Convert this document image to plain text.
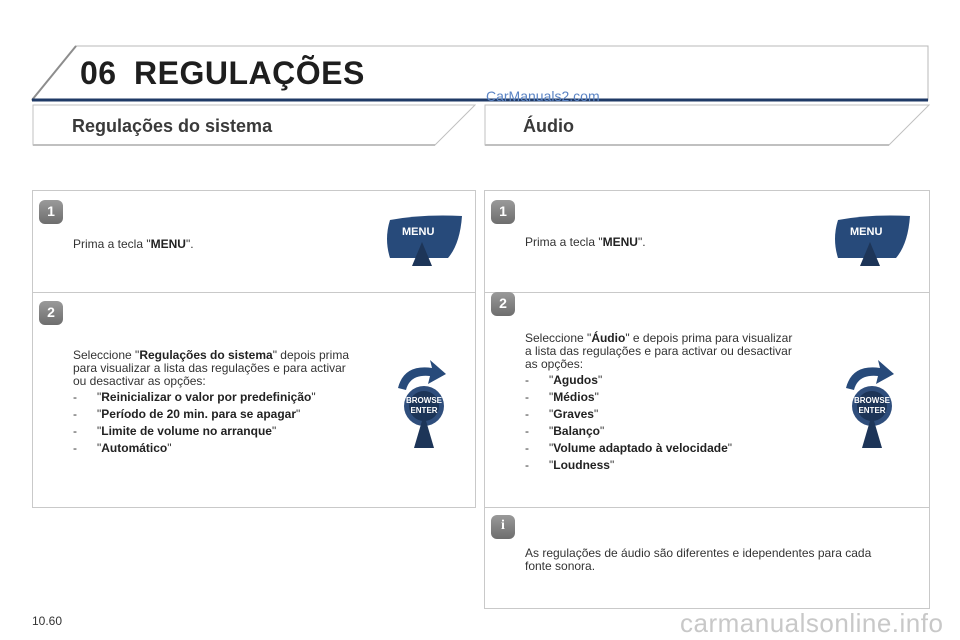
06 REGULAÇÕES
CarManuals2.com
Regulações do sistema	Áudio
1
Prima a tecla "MENU".
MENU
2
Seleccione "Regulações do sistema" depois prima
para visualizar a lista das regulações e para activar
ou desactivar as opções:
- "Reinicializar o valor por predefinição"
- "Período de 20 min. para se apagar"
- "Limite de volume no arranque"
- "Automático"
BROWSE
ENTER
1
Prima a tecla "MENU".
MENU
2
Seleccione "Áudio" e depois prima para visualizar
a lista das regulações e para activar ou desactivar
as opções:
- "Agudos"
- "Médios"
- "Graves"
- "Balanço"
- "Volume adaptado à velocidade"
- "Loudness"
BROWSE
ENTER
i
As regulações de áudio são diferentes e idependentes para cada
fonte sonora.
10.60	carmanualsonline.info
